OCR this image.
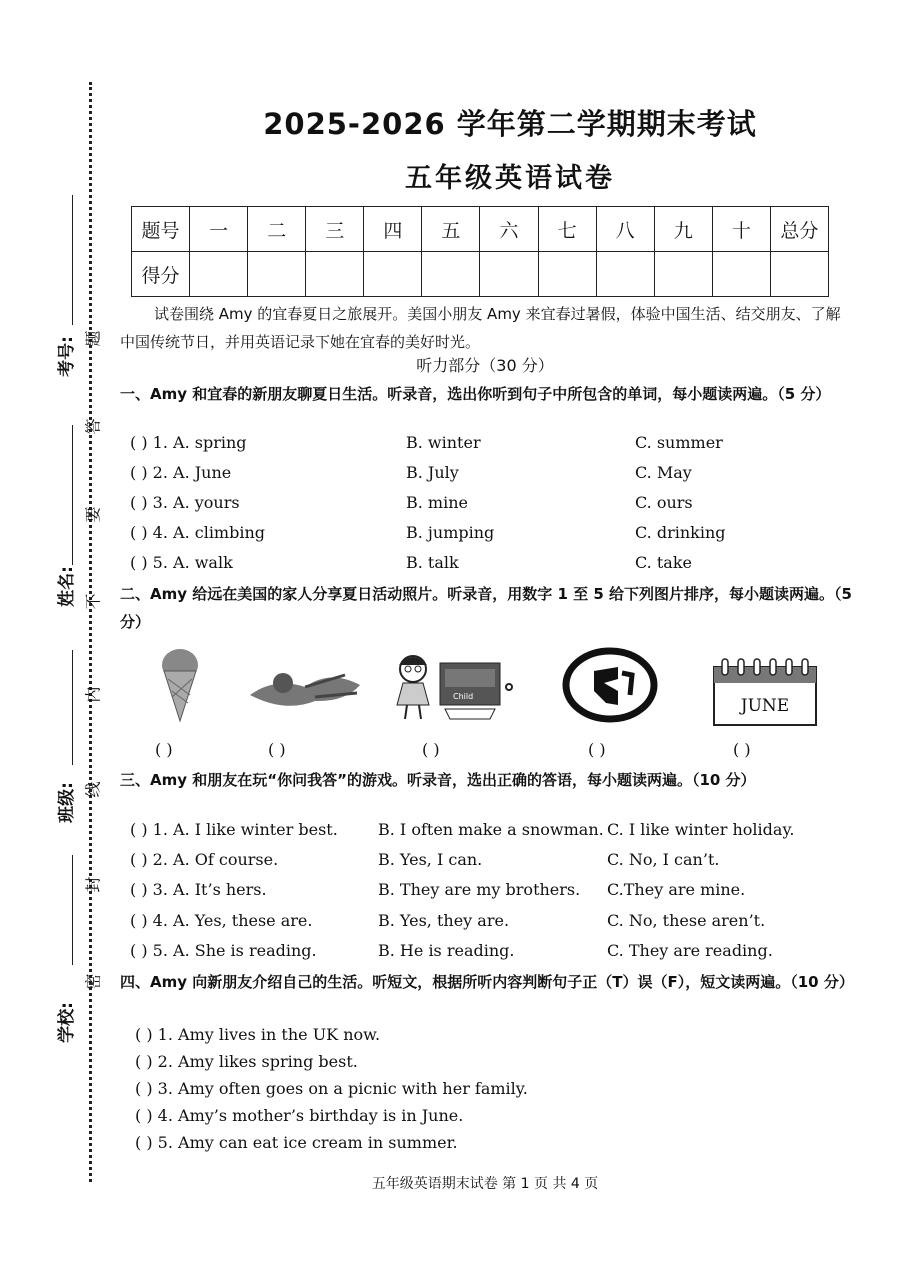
考号:
姓名:
班级:
学校:
题
答
要
不
内
线
封
密
2025-2026 学年第二学期期末考试
五年级英语试卷
题号	一	二	三	四	五	六	七	八	九	十	总分
得分											
试卷围绕 Amy 的宜春夏日之旅展开。美国小朋友 Amy 来宜春过暑假，体验中国生活、结交朋友、了解中国传统节日，并用英语记录下她在宜春的美好时光。
听力部分（30 分）
一、Amy 和宜春的新朋友聊夏日生活。听录音，选出你听到句子中所包含的单词，每小题读两遍。（5 分）
( ) 1. A. spring	B. winter	C. summer
( ) 2. A. June	B. July	C. May
( ) 3. A. yours	B. mine	C. ours
( ) 4. A. climbing	B. jumping	C. drinking
( ) 5. A. walk	B. talk	C. take
二、Amy 给远在美国的家人分享夏日活动照片。听录音，用数字 1 至 5 给下列图片排序，每小题读两遍。（5 分）
Child	JUNE
( )	( )	( )	( )	( )
三、Amy 和朋友在玩“你问我答”的游戏。听录音，选出正确的答语，每小题读两遍。（10 分）
( ) 1. A. I like winter best.	B. I often make a snowman. C. I like winter holiday.
( ) 2. A. Of course.	B. Yes, I can.	C. No, I can’t.
( ) 3. A. It’s hers.	B. They are my brothers. C.They are mine.
( ) 4. A. Yes, these are.	B. Yes, they are.	C. No, these aren’t.
( ) 5. A. She is reading.	B. He is reading.	C. They are reading.
四、Amy 向新朋友介绍自己的生活。听短文，根据所听内容判断句子正（T）误（F），短文读两遍。（10 分）
( ) 1. Amy lives in the UK now.
( ) 2. Amy likes spring best.
( ) 3. Amy often goes on a picnic with her family.
( ) 4. Amy’s mother’s birthday is in June.
( ) 5. Amy can eat ice cream in summer.
五年级英语期末试卷 第 1 页 共 4 页
